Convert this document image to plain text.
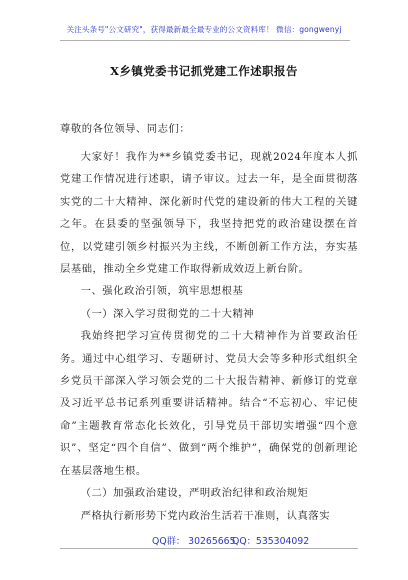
关注头条号"公文研究"，获得最新最全最专业的公文资料库！ 微信：gongwenyj
X乡镇党委书记抓党建工作述职报告
尊敬的各位领导、同志们：

大家好！我作为**乡镇党委书记，现就2024年度本人抓党建工作情况进行述职，请予审议。过去一年，是全面贯彻落实党的二十大精神、深化新时代党的建设新的伟大工程的关键之年。在县委的坚强领导下，我坚持把党的政治建设摆在首位，以党建引领乡村振兴为主线，不断创新工作方法，夯实基层基础，推动全乡党建工作取得新成效迈上新台阶。

一、强化政治引领，筑牢思想根基

（一）深入学习贯彻党的二十大精神

我始终把学习宣传贯彻党的二十大精神作为首要政治任务。通过中心组学习、专题研讨、党员大会等多种形式组织全乡党员干部深入学习领会党的二十大报告精神、新修订的党章及习近平总书记系列重要讲话精神。结合“不忘初心、牢记使命”主题教育常态化长效化，引导党员干部切实增强“四个意识”、坚定“四个自信”、做到“两个维护”，确保党的创新理论在基层落地生根。

（二）加强政治建设，严明政治纪律和政治规矩

严格执行新形势下党内政治生活若干准则，认真落实

QQ群： 30265665
QQ：535304092
